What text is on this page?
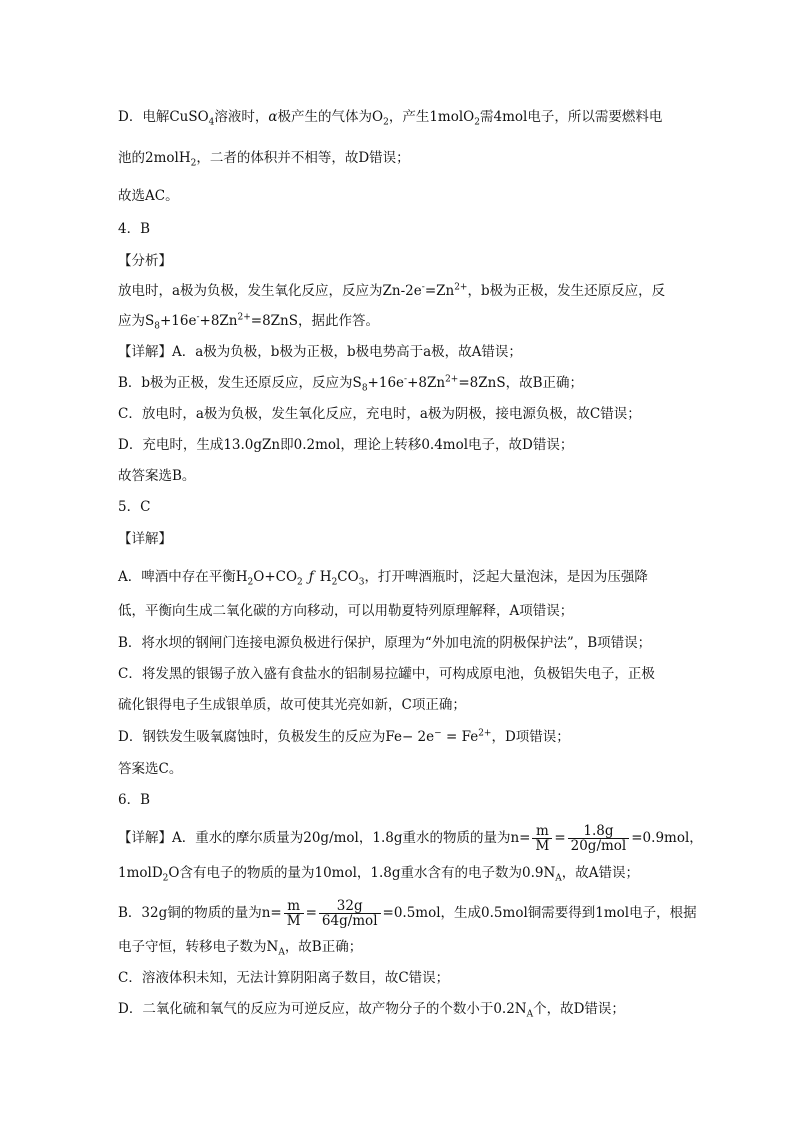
D．电解CuSO$_4$溶液时，α极产生的气体为$O_2$，产生1molO$_2$需4mol电子，所以需要燃料电
池的2molH$_2$，二者的体积并不相等，故D错误；
故选AC。
4．B
【分析】
放电时，a极为负极，发生氧化反应，反应为$Zn-2e^-=Zn^{2+}$，b极为正极，发生还原反应，反
应为$S_8+16e^-+8Zn^{2+}=8ZnS$，据此作答。
【详解】A．a极为负极，b极为正极，b极电势高于a极，故A错误；
B．b极为正极，发生还原反应，反应为$S_8+16e^-+8Zn^{2+}=8ZnS$，故B正确；
C．放电时，a极为负极，发生氧化反应，充电时，a极为阴极，接电源负极，故C错误；
D．充电时，生成13.0gZn即0.2mol，理论上转移0.4mol电子，故D错误；
故答案选B。
5．C
【详解】
A．啤酒中存在平衡$H_2O+CO_2$ ƒ $H_2CO_3$，打开啤酒瓶时，泛起大量泡沫，是因为压强降
低，平衡向生成二氧化碳的方向移动，可以用勒夏特列原理解释，A项错误；
B．将水坝的钢闸门连接电源负极进行保护，原理为“外加电流的阴极保护法”，B项错误；
C．将发黑的银锡子放入盛有食盐水的铝制易拉罐中，可构成原电池，负极铝失电子，正极
硫化银得电子生成银单质，故可使其光亮如新，C项正确；
D．钢铁发生吸氧腐蚀时，负极发生的反应为$Fe- 2e^- = Fe^{2+}$，D项错误；
答案选C。
6．B
【详解】A．重水的摩尔质量为20g/mol，1.8g重水的物质的量为$n= \frac{m}{M} = \frac{1.8g}{\text{20g/mol}} =0.9mol$，
1molD$_2$O含有电子的物质的量为10mol，1.8g重水含有的电子数为$0.9N_A$，故A错误；
B．32g铜的物质的量为$n= \frac{m}{M} = \frac{32g}{\text{64g/mol}} =0.5mol$，生成0.5mol铜需要得到1mol电子，根据
电子守恒，转移电子数为$N_A$，故B正确；
C．溶液体积未知，无法计算阴阳离子数目，故C错误；
D．二氧化硫和氧气的反应为可逆反应，故产物分子的个数小于$0.2N_A$个，故D错误；
